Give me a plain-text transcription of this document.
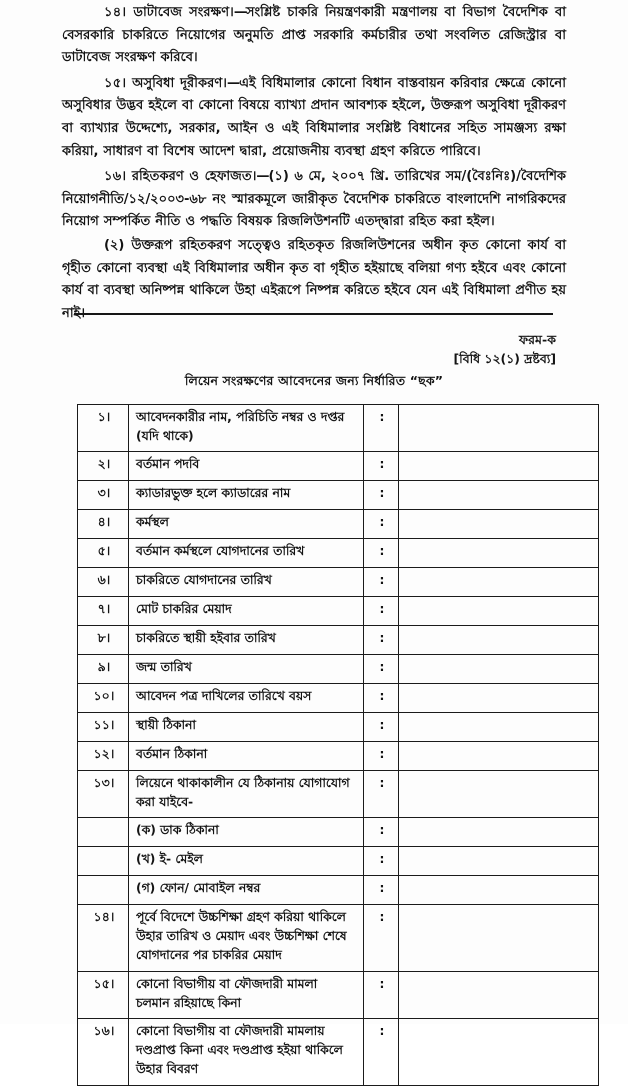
১৪। ডাটাবেজ সংরক্ষণ।—সংশ্লিষ্ট চাকরি নিয়ন্ত্রণকারী মন্ত্রণালয় বা বিভাগ বৈদেশিক বা বেসরকারি চাকরিতে নিয়োগের অনুমতি প্রাপ্ত সরকারি কর্মচারীর তথা সংবলিত রেজিস্ট্রার বা ডাটাবেজ সংরক্ষণ করিবে।

১৫। অসুবিধা দূরীকরণ।—এই বিধিমালার কোনো বিধান বাস্তবায়ন করিবার ক্ষেত্রে কোনো অসুবিধার উদ্ভব হইলে বা কোনো বিষয়ে ব্যাখ্যা প্রদান আবশ্যক হইলে, উক্তরূপ অসুবিধা দূরীকরণ বা ব্যাখ্যার উদ্দেশ্যে, সরকার, আইন ও এই বিধিমালার সংশ্লিষ্ট বিধানের সহিত সামঞ্জস্য রক্ষা করিয়া, সাধারণ বা বিশেষ আদেশ দ্বারা, প্রয়োজনীয় ব্যবস্থা গ্রহণ করিতে পারিবে।

১৬। রহিতকরণ ও হেফাজত।—(১) ৬ মে, ২০০৭ খ্রি. তারিখের সম/(বৈঃনিঃ)/বৈদেশিক নিয়োগনীতি/১২/২০০৩-৬৮ নং স্মারকমূলে জারীকৃত বৈদেশিক চাকরিতে বাংলাদেশি নাগরিকদের নিয়োগ সম্পর্কিত নীতি ও পদ্ধতি বিষয়ক রিজলিউশনটি এতদ্দ্বারা রহিত করা হইল।

(২) উক্তরূপ রহিতকরণ সত্ত্বেও রহিতকৃত রিজলিউশনের অধীন কৃত কোনো কার্য বা গৃহীত কোনো ব্যবস্থা এই বিধিমালার অধীন কৃত বা গৃহীত হইয়াছে বলিয়া গণ্য হইবে এবং কোনো কার্য বা ব্যবস্থা অনিষ্পন্ন থাকিলে উহা এইরূপে নিষ্পন্ন করিতে হইবে যেন এই বিধিমালা প্রণীত হয় নাই।

ফরম-ক
[বিধি ১২(১) দ্রষ্টব্য]
লিয়েন সংরক্ষণের আবেদনের জন্য নির্ধারিত “ছক”
১।	আবেদনকারীর নাম, পরিচিতি নম্বর ও দপ্তর
(যদি থাকে)	:	
২।	বর্তমান পদবি	:	
৩।	ক্যাডারভুক্ত হলে ক্যাডারের নাম	:	
৪।	কর্মস্থল	:	
৫।	বর্তমান কর্মস্থলে যোগদানের তারিখ	:	
৬।	চাকরিতে যোগদানের তারিখ	:	
৭।	মোট চাকরির মেয়াদ	:	
৮।	চাকরিতে স্থায়ী হইবার তারিখ	:	
৯।	জন্ম তারিখ	:	
১০।	আবেদন পত্র দাখিলের তারিখে বয়স	:	
১১।	স্থায়ী ঠিকানা	:	
১২।	বর্তমান ঠিকানা	:	
১৩।	লিয়েনে থাকাকালীন যে ঠিকানায় যোগাযোগ
করা যাইবে-	:	
	(ক) ডাক ঠিকানা	:	
	(খ) ই- মেইল	:	
	(গ) ফোন/ মোবাইল নম্বর	:	
১৪।	পূর্বে বিদেশে উচ্চশিক্ষা গ্রহণ করিয়া থাকিলে
উহার তারিখ ও মেয়াদ এবং উচ্চশিক্ষা শেষে যোগদানের পর চাকরির মেয়াদ	:	
১৫।	কোনো বিভাগীয় বা ফৌজদারী মামলা
চলমান রহিয়াছে কিনা	:	
১৬।	কোনো বিভাগীয় বা ফৌজদারী মামলায়
দণ্ডপ্রাপ্ত কিনা এবং দণ্ডপ্রাপ্ত হইয়া থাকিলে উহার বিবরণ	:	
